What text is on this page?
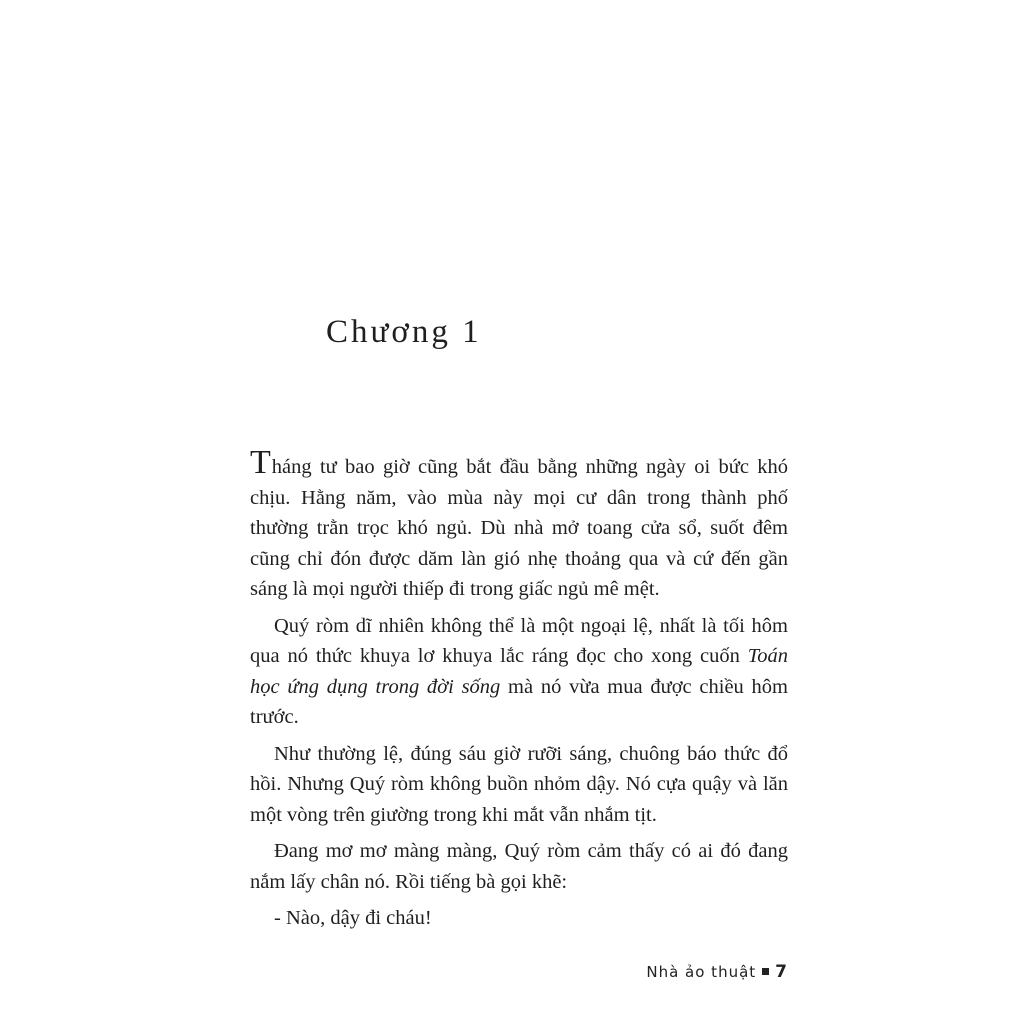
Chương 1

Tháng tư bao giờ cũng bắt đầu bằng những ngày oi bức khó chịu. Hằng năm, vào mùa này mọi cư dân trong thành phố thường trằn trọc khó ngủ. Dù nhà mở toang cửa sổ, suốt đêm cũng chỉ đón được dăm làn gió nhẹ thoảng qua và cứ đến gần sáng là mọi người thiếp đi trong giấc ngủ mê mệt.

Quý ròm dĩ nhiên không thể là một ngoại lệ, nhất là tối hôm qua nó thức khuya lơ khuya lắc ráng đọc cho xong cuốn Toán học ứng dụng trong đời sống mà nó vừa mua được chiều hôm trước.

Như thường lệ, đúng sáu giờ rưỡi sáng, chuông báo thức đổ hồi. Nhưng Quý ròm không buồn nhỏm dậy. Nó cựa quậy và lăn một vòng trên giường trong khi mắt vẫn nhắm tịt.

Đang mơ mơ màng màng, Quý ròm cảm thấy có ai đó đang nắm lấy chân nó. Rồi tiếng bà gọi khẽ:

- Nào, dậy đi cháu!

Nhà ảo thuật 7
